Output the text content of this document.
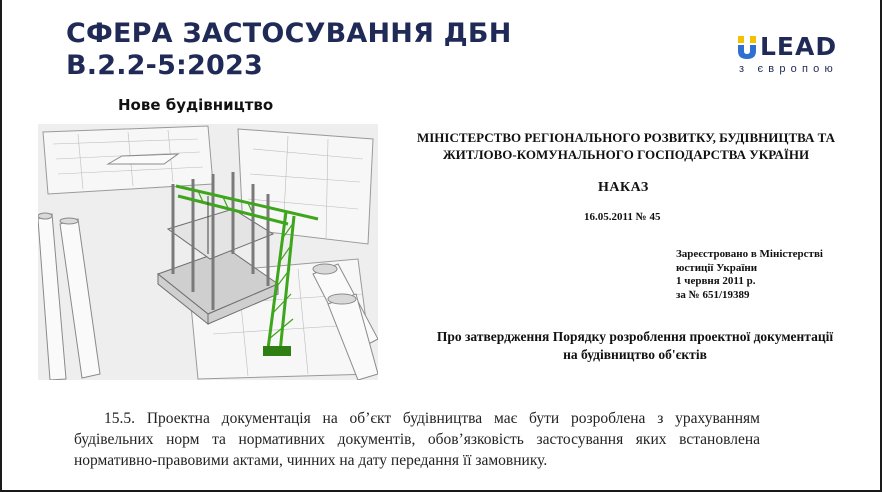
СФЕРА ЗАСТОСУВАННЯ ДБН В.2.2-5:2023
LEAD
з європою
Нове будівництво
МІНІСТЕРСТВО РЕГІОНАЛЬНОГО РОЗВИТКУ, БУДІВНИЦТВА ТА ЖИТЛОВО-КОМУНАЛЬНОГО ГОСПОДАРСТВА УКРАЇНИ
НАКАЗ
16.05.2011 № 45
Зареєстровано в Міністерстві
юстиції України
1 червня 2011 р.
за № 651/19389
Про затвердження Порядку розроблення проектної документації на будівництво об'єктів
15.5. Проектна документація на об’єкт будівництва має бути розроблена з урахуванням будівельних норм та нормативних документів, обов’язковість застосування яких встановлена нормативно-правовими актами, чинних на дату передання її замовнику.
